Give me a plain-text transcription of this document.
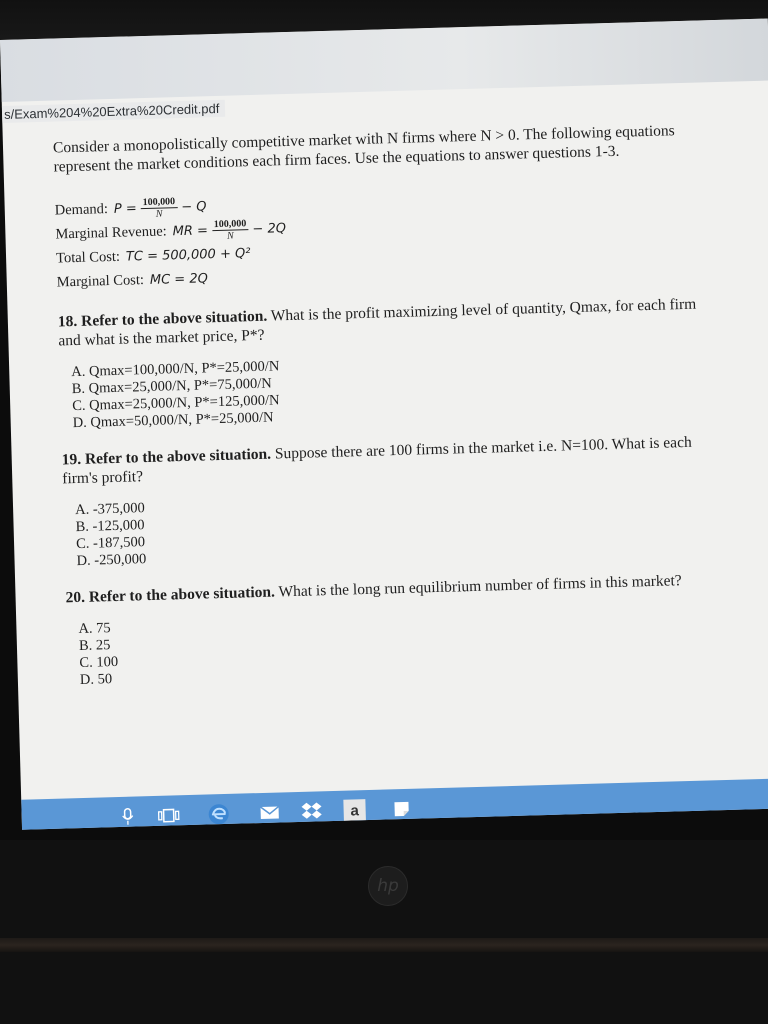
s/Exam%204%20Extra%20Credit.pdf

Consider a monopolistically competitive market with N firms where N > 0. The following equations represent the market conditions each firm faces. Use the equations to answer questions 1-3.

Demand: $P = \frac{100,000}{N} - Q$
Marginal Revenue: MR = $\frac{100,000}{N} - 2Q$
Total Cost: TC = 500,000 + Q²
Marginal Cost: MC = 2Q

18. Refer to the above situation. What is the profit maximizing level of quantity, Qmax, for each firm and what is the market price, P*?

A. Qmax=100,000/N, P*=25,000/N
B. Qmax=25,000/N, P*=75,000/N
C. Qmax=25,000/N, P*=125,000/N
D. Qmax=50,000/N, P*=25,000/N

19. Refer to the above situation. Suppose there are 100 firms in the market i.e. N=100. What is each firm's profit?

A. -375,000
B. -125,000
C. -187,500
D. -250,000

20. Refer to the above situation. What is the long run equilibrium number of firms in this market?

A. 75
B. 25
C. 100
D. 50
a
hp
